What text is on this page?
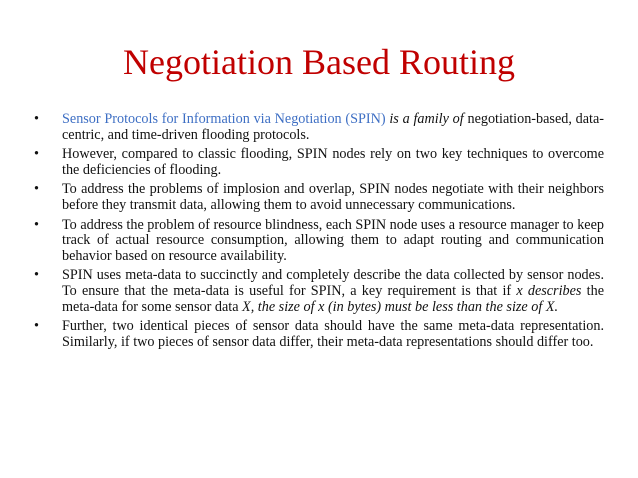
Negotiation Based Routing
•	Sensor Protocols for Information via Negotiation (SPIN) is a family of negotiation-based, data-centric, and time-driven flooding protocols.
•	However, compared to classic flooding, SPIN nodes rely on two key techniques to overcome the deficiencies of flooding.
•	To address the problems of implosion and overlap, SPIN nodes negotiate with their neighbors before they transmit data, allowing them to avoid unnecessary communications.
•	To address the problem of resource blindness, each SPIN node uses a resource manager to keep track of actual resource consumption, allowing them to adapt routing and communication behavior based on resource availability.
•	SPIN uses meta-data to succinctly and completely describe the data collected by sensor nodes. To ensure that the meta-data is useful for SPIN, a key requirement is that if x describes the meta-data for some sensor data X, the size of x (in bytes) must be less than the size of X.
•	Further, two identical pieces of sensor data should have the same meta-data representation. Similarly, if two pieces of sensor data differ, their meta-data representations should differ too.
